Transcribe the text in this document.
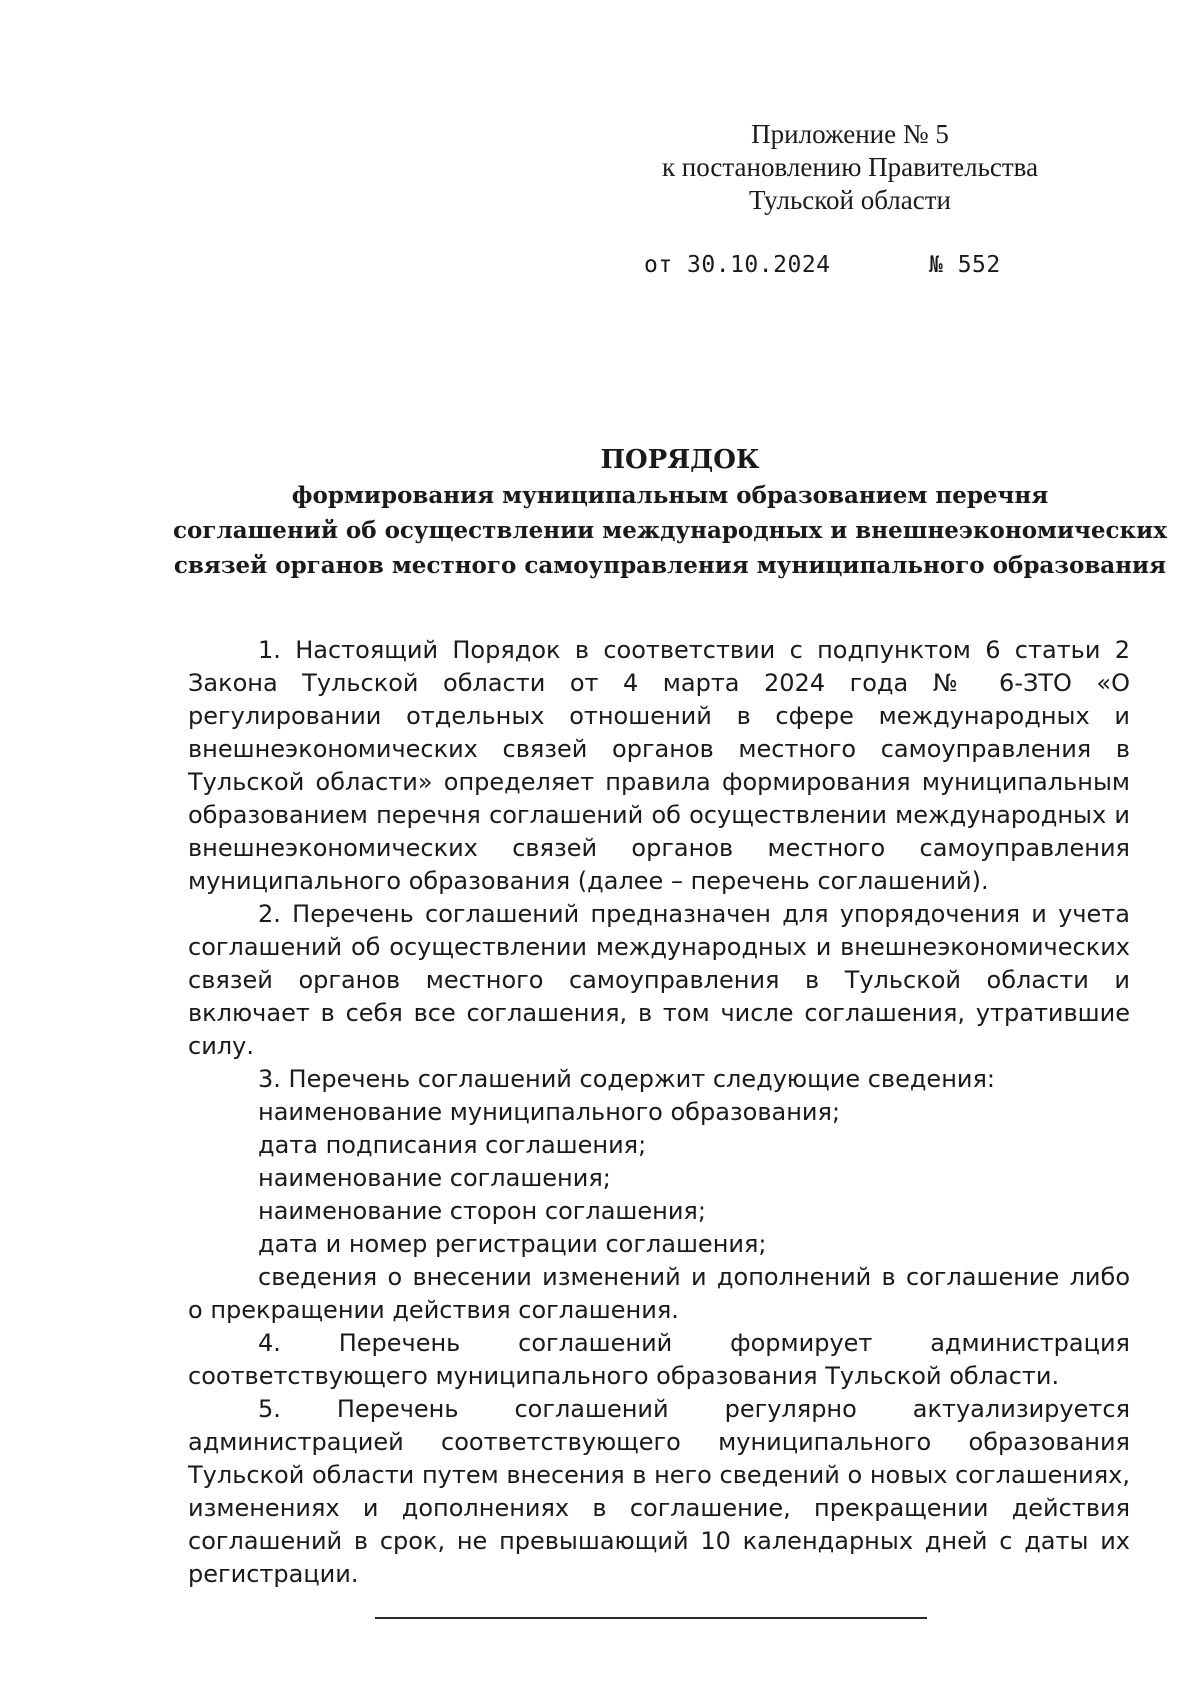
Приложение № 5
к постановлению Правительства
Тульской области
от 30.10.2024	№ 552
ПОРЯДОК
формирования муниципальным образованием перечня
соглашений об осуществлении международных и внешнеэкономических
связей органов местного самоуправления муниципального образования

1. Настоящий Порядок в соответствии с подпунктом 6 статьи 2 Закона Тульской области от 4 марта 2024 года № 6-ЗТО «О регулировании отдельных отношений в сфере международных и внешнеэкономических связей органов местного самоуправления в Тульской области» определяет правила формирования муниципальным образованием перечня соглашений об осуществлении международных и внешнеэкономических связей органов местного самоуправления муниципального образования (далее – перечень соглашений).

2. Перечень соглашений предназначен для упорядочения и учета соглашений об осуществлении международных и внешнеэкономических связей органов местного самоуправления в Тульской области и включает в себя все соглашения, в том числе соглашения, утратившие силу.

3. Перечень соглашений содержит следующие сведения:

наименование муниципального образования;
дата подписания соглашения;
наименование соглашения;
наименование сторон соглашения;
дата и номер регистрации соглашения;

сведения о внесении изменений и дополнений в соглашение либо о прекращении действия соглашения.

4. Перечень соглашений формирует администрация соответствующего муниципального образования Тульской области.

5. Перечень соглашений регулярно актуализируется администрацией соответствующего муниципального образования Тульской области путем внесения в него сведений о новых соглашениях, изменениях и дополнениях в соглашение, прекращении действия соглашений в срок, не превышающий 10 календарных дней с даты их регистрации.
